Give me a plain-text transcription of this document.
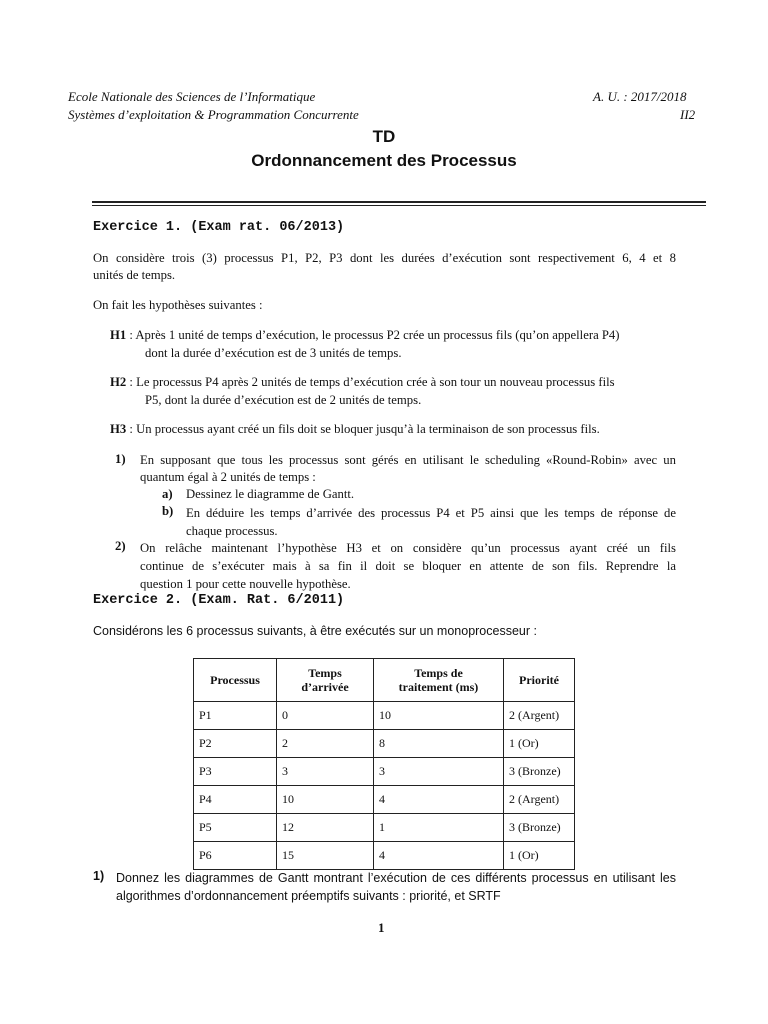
Ecole Nationale des Sciences de l’Informatique	A. U. : 2017/2018
Systèmes d’exploitation & Programmation Concurrente	II2
TD
Ordonnancement des Processus
Exercice 1. (Exam rat. 06/2013)
On considère trois (3) processus P1, P2, P3 dont les durées d’exécution sont respectivement 6, 4 et 8
unités de temps.
On fait les hypothèses suivantes :
H1 : Après 1 unité de temps d’exécution, le processus P2 crée un processus fils (qu’on appellera P4)
dont la durée d’exécution est de 3 unités de temps.
H2 : Le processus P4 après 2 unités de temps d’exécution crée à son tour un nouveau processus fils
P5, dont la durée d’exécution est de 2 unités de temps.
H3 : Un processus ayant créé un fils doit se bloquer jusqu’à la terminaison de son processus fils.
1) En supposant que tous les processus sont gérés en utilisant le scheduling «Round-Robin» avec un
quantum égal à 2 unités de temps :
a) Dessinez le diagramme de Gantt.
b) En déduire les temps d’arrivée des processus P4 et P5 ainsi que les temps de réponse de
chaque processus.
2) On relâche maintenant l’hypothèse H3 et on considère qu’un processus ayant créé un fils
continue de s’exécuter mais à sa fin il doit se bloquer en attente de son fils. Reprendre la
question 1 pour cette nouvelle hypothèse.
Exercice 2. (Exam. Rat. 6/2011)
Considérons les 6 processus suivants, à être exécutés sur un monoprocesseur :
Processus	Temps d’arrivée	Temps de traitement (ms)	Priorité
P1	0	10	2 (Argent)
P2	2	8	1 (Or)
P3	3	3	3 (Bronze)
P4	10	4	2 (Argent)
P5	12	1	3 (Bronze)
P6	15	4	1 (Or)
1) Donnez les diagrammes de Gantt montrant l’exécution de ces différents processus en utilisant les
algorithmes d’ordonnancement préemptifs suivants : priorité, et SRTF
1
